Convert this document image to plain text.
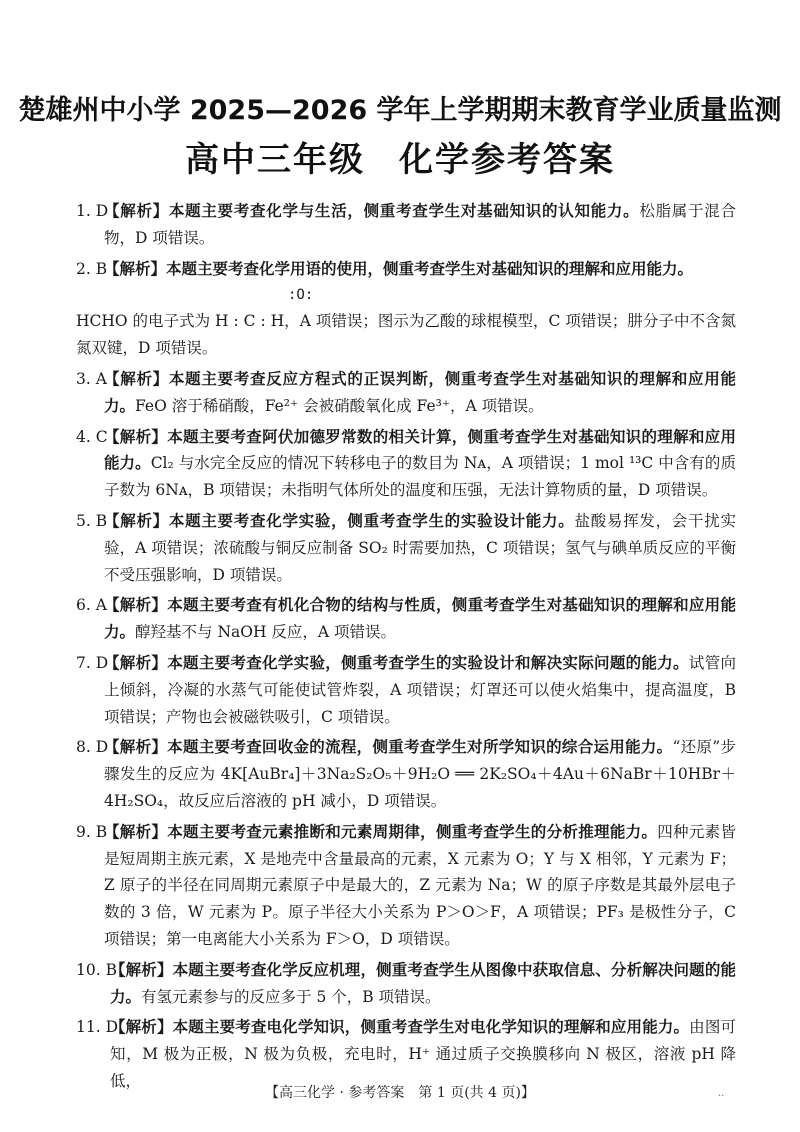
楚雄州中小学 2025—2026 学年上学期期末教育学业质量监测
高中三年级 化学参考答案
1. D
【解析】本题主要考查化学与生活，侧重考查学生对基础知识的认知能力。松脂属于混合物，D 项错误。
2. B
【解析】本题主要考查化学用语的使用，侧重考查学生对基础知识的理解和应用能力。
:O:
HCHO 的电子式为 H : C : H，A 项错误；图示为乙酸的球棍模型，C 项错误；肼分子中不含氮氮双键，D 项错误。
3. A
【解析】本题主要考查反应方程式的正误判断，侧重考查学生对基础知识的理解和应用能力。FeO 溶于稀硝酸，Fe²⁺ 会被硝酸氧化成 Fe³⁺，A 项错误。
4. C
【解析】本题主要考查阿伏加德罗常数的相关计算，侧重考查学生对基础知识的理解和应用能力。Cl₂ 与水完全反应的情况下转移电子的数目为 Nᴀ，A 项错误；1 mol ¹³C 中含有的质子数为 6Nᴀ，B 项错误；未指明气体所处的温度和压强，无法计算物质的量，D 项错误。
5. B
【解析】本题主要考查化学实验，侧重考查学生的实验设计能力。盐酸易挥发，会干扰实验，A 项错误；浓硫酸与铜反应制备 SO₂ 时需要加热，C 项错误；氢气与碘单质反应的平衡不受压强影响，D 项错误。
6. A
【解析】本题主要考查有机化合物的结构与性质，侧重考查学生对基础知识的理解和应用能力。醇羟基不与 NaOH 反应，A 项错误。
7. D
【解析】本题主要考查化学实验，侧重考查学生的实验设计和解决实际问题的能力。试管向上倾斜，冷凝的水蒸气可能使试管炸裂，A 项错误；灯罩还可以使火焰集中，提高温度，B 项错误；产物也会被磁铁吸引，C 项错误。
8. D
【解析】本题主要考查回收金的流程，侧重考查学生对所学知识的综合运用能力。“还原”步骤发生的反应为 4K[AuBr₄]＋3Na₂S₂O₅＋9H₂O ══ 2K₂SO₄＋4Au＋6NaBr＋10HBr＋4H₂SO₄，故反应后溶液的 pH 减小，D 项错误。
9. B
【解析】本题主要考查元素推断和元素周期律，侧重考查学生的分析推理能力。四种元素皆是短周期主族元素，X 是地壳中含量最高的元素，X 元素为 O；Y 与 X 相邻，Y 元素为 F；Z 原子的半径在同周期元素原子中是最大的，Z 元素为 Na；W 的原子序数是其最外层电子数的 3 倍，W 元素为 P。原子半径大小关系为 P＞O＞F，A 项错误；PF₃ 是极性分子，C 项错误；第一电离能大小关系为 F＞O，D 项错误。
10. B
【解析】本题主要考查化学反应机理，侧重考查学生从图像中获取信息、分析解决问题的能力。有氢元素参与的反应多于 5 个，B 项错误。
11. D
【解析】本题主要考查电化学知识，侧重考查学生对电化学知识的理解和应用能力。由图可知，M 极为正极，N 极为负极，充电时，H⁺ 通过质子交换膜移向 N 极区，溶液 pH 降低，
【高三化学 · 参考答案　第 1 页(共 4 页)】	..
